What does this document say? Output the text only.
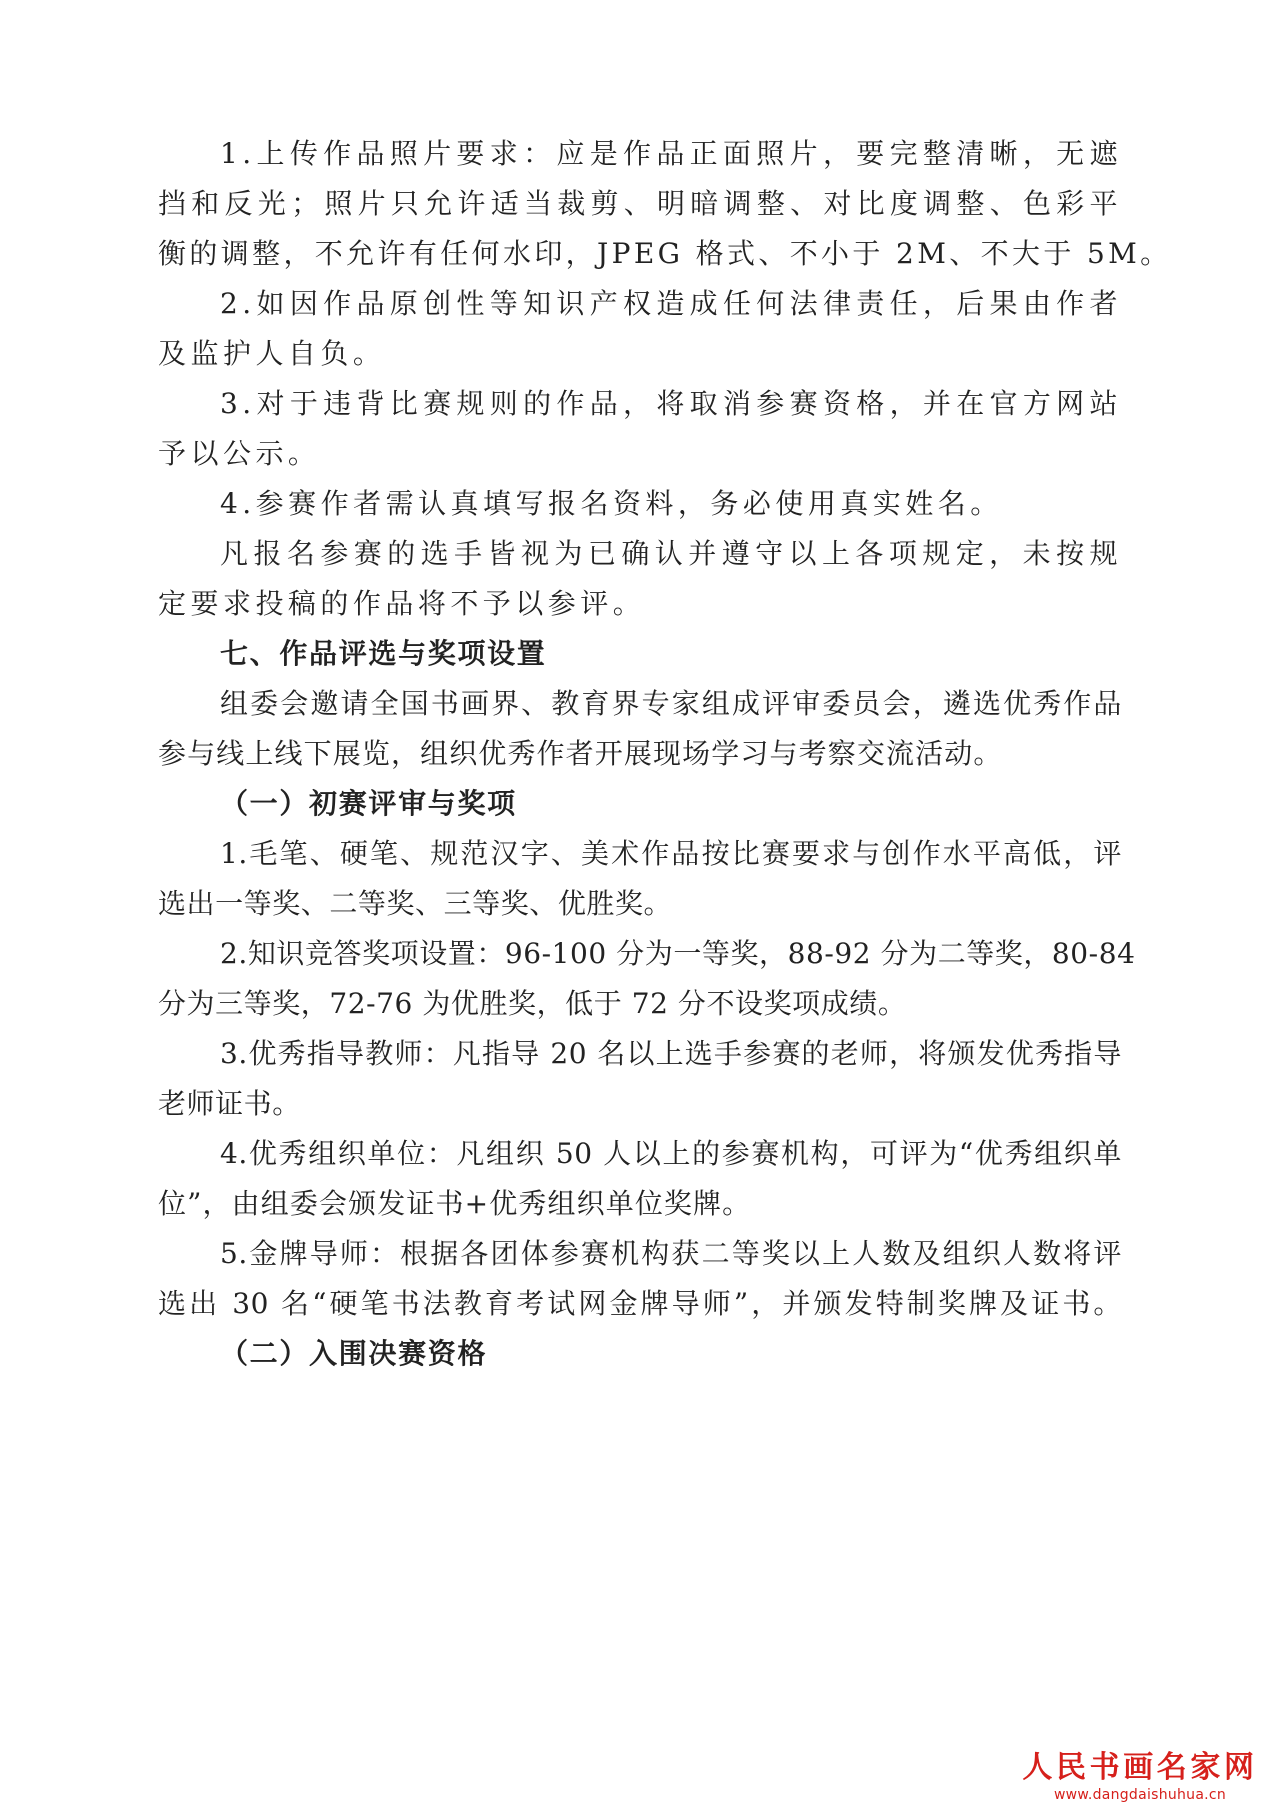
1.上传作品照片要求：应是作品正面照片，要完整清晰，无遮
挡和反光；照片只允许适当裁剪、明暗调整、对比度调整、色彩平
衡的调整，不允许有任何水印，JPEG 格式、不小于 2M、不大于 5M。
2.如因作品原创性等知识产权造成任何法律责任，后果由作者
及监护人自负。
3.对于违背比赛规则的作品，将取消参赛资格，并在官方网站
予以公示。
4.参赛作者需认真填写报名资料，务必使用真实姓名。
凡报名参赛的选手皆视为已确认并遵守以上各项规定，未按规
定要求投稿的作品将不予以参评。
七、作品评选与奖项设置
组委会邀请全国书画界、教育界专家组成评审委员会，遴选优秀作品
参与线上线下展览，组织优秀作者开展现场学习与考察交流活动。
（一）初赛评审与奖项
1.毛笔、硬笔、规范汉字、美术作品按比赛要求与创作水平高低，评
选出一等奖、二等奖、三等奖、优胜奖。
2.知识竞答奖项设置：96-100 分为一等奖，88-92 分为二等奖，80-84
分为三等奖，72-76 为优胜奖，低于 72 分不设奖项成绩。
3.优秀指导教师：凡指导 20 名以上选手参赛的老师，将颁发优秀指导
老师证书。
4.优秀组织单位：凡组织 50 人以上的参赛机构，可评为“优秀组织单
位”，由组委会颁发证书+优秀组织单位奖牌。
5.金牌导师：根据各团体参赛机构获二等奖以上人数及组织人数将评
选出 30 名“硬笔书法教育考试网金牌导师”，并颁发特制奖牌及证书。
（二）入围决赛资格
人民书画名家网
www.dangdaishuhua.cn
